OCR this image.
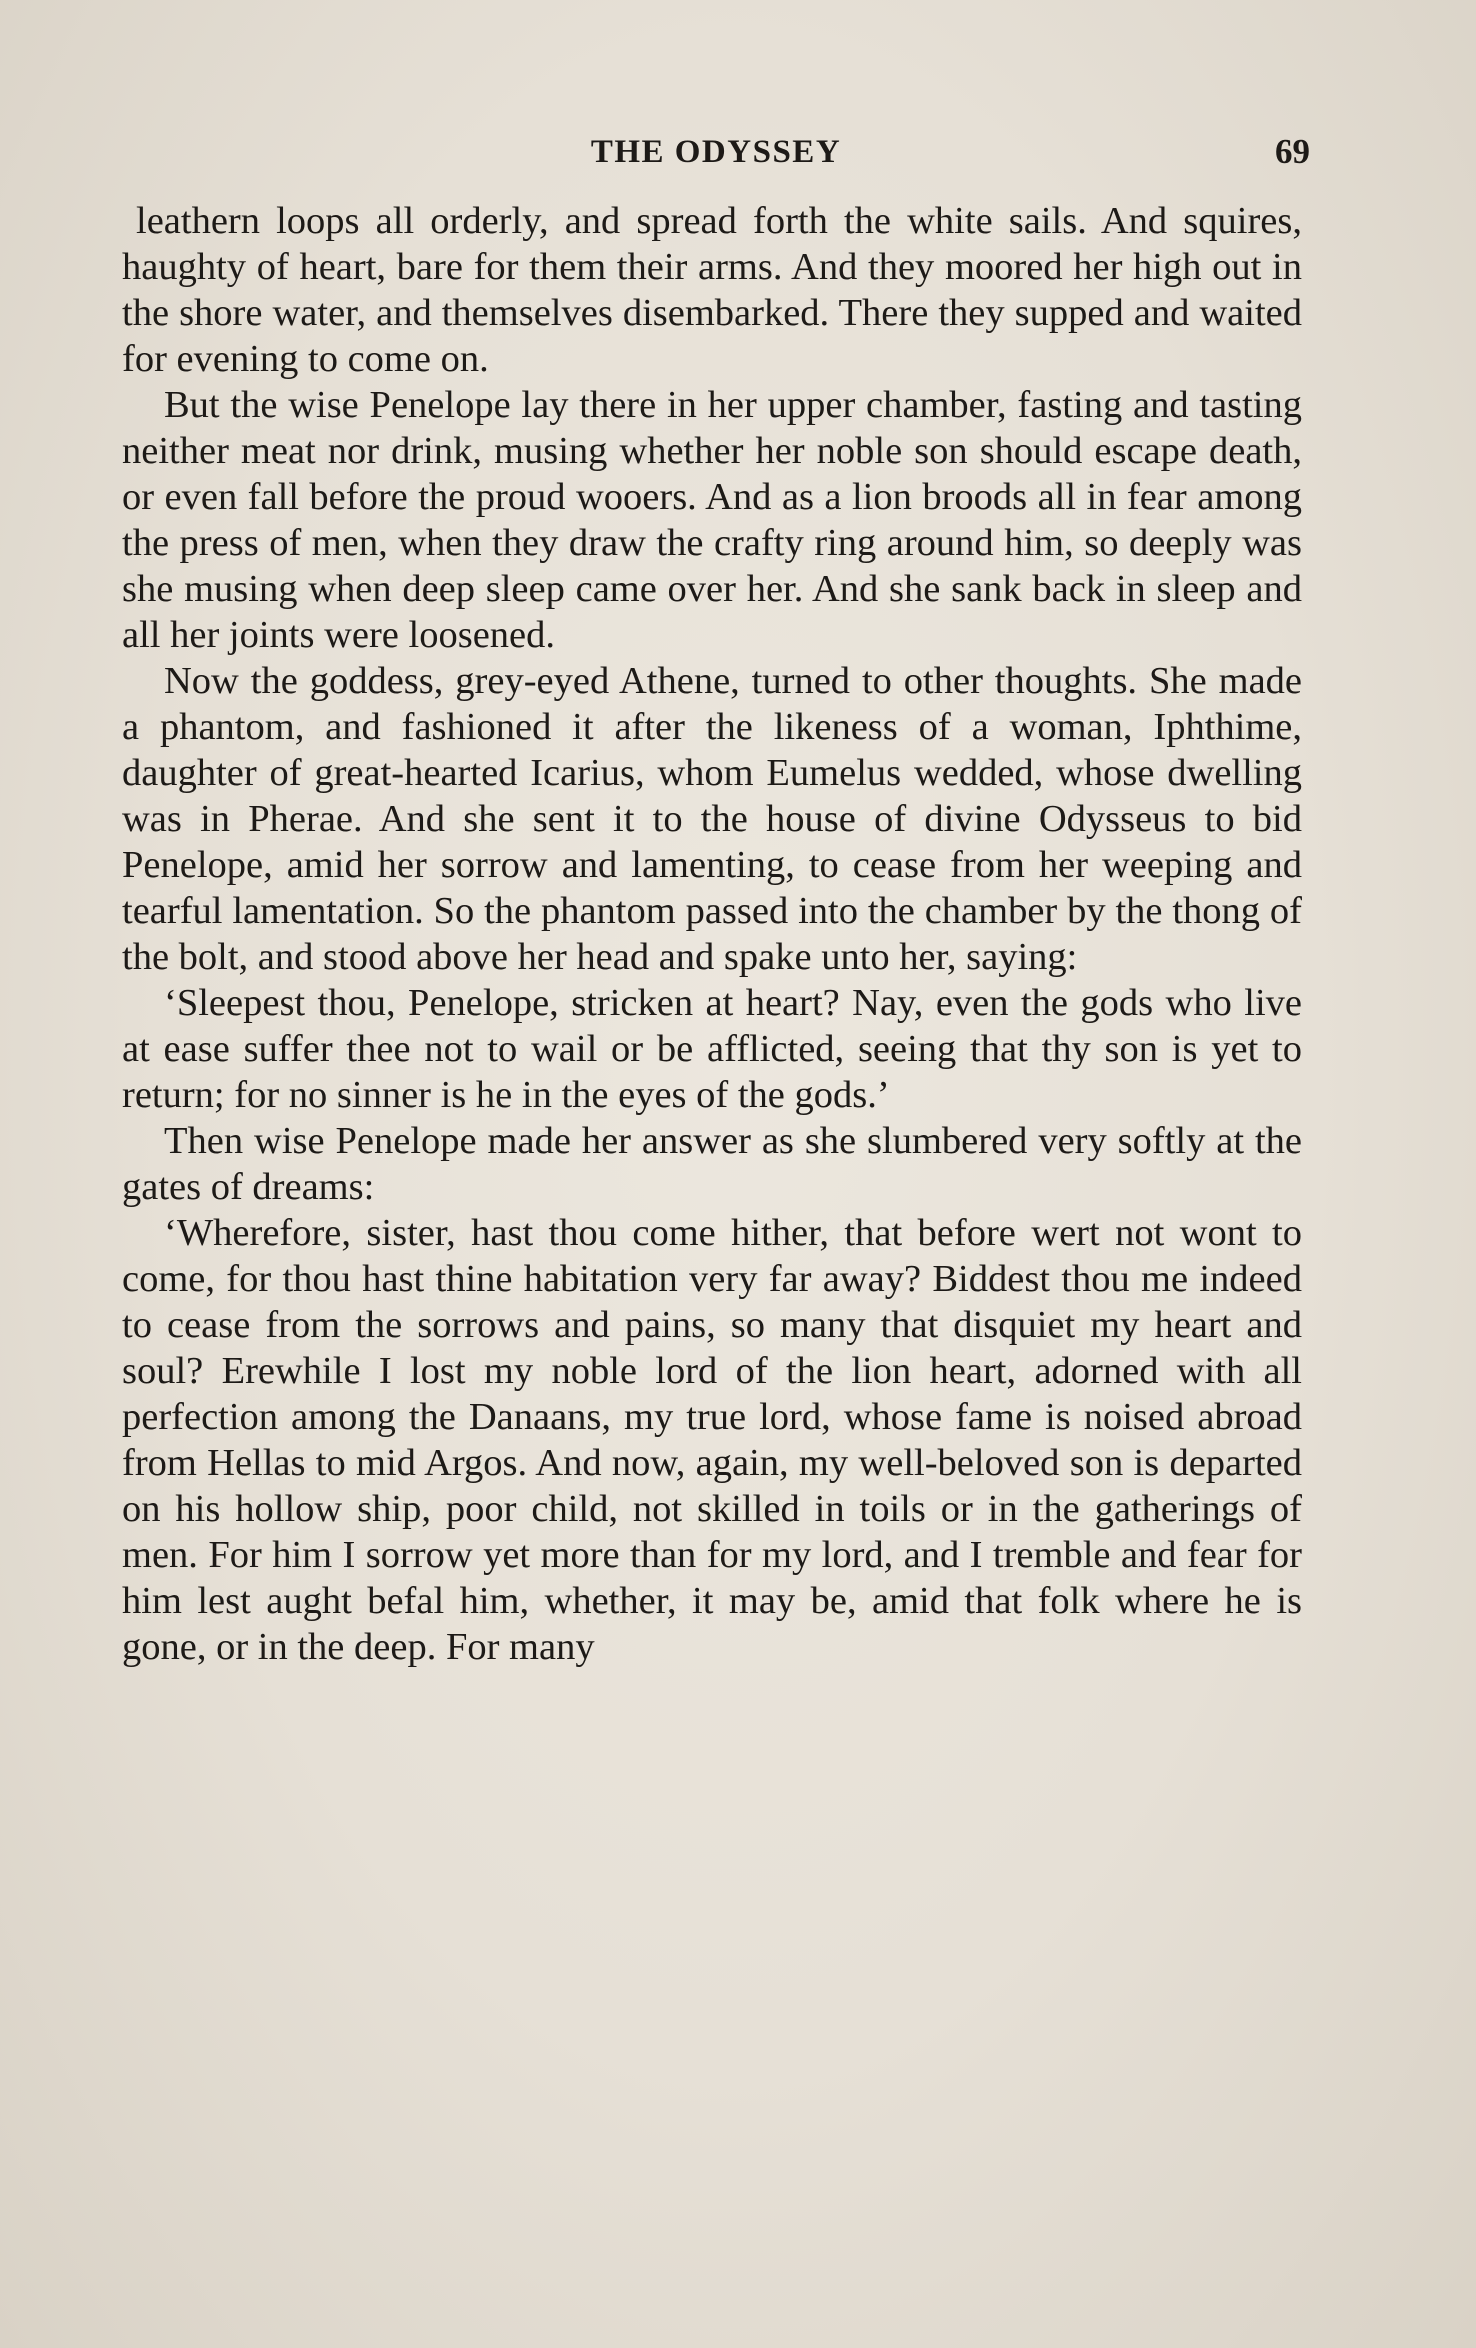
THE ODYSSEY	69

leathern loops all orderly, and spread forth the white sails. And squires, haughty of heart, bare for them their arms. And they moored her high out in the shore water, and themselves disembarked. There they supped and waited for evening to come on.

But the wise Penelope lay there in her upper chamber, fasting and tasting neither meat nor drink, musing whether her noble son should escape death, or even fall before the proud wooers. And as a lion broods all in fear among the press of men, when they draw the crafty ring around him, so deeply was she musing when deep sleep came over her. And she sank back in sleep and all her joints were loosened.

Now the goddess, grey-eyed Athene, turned to other thoughts. She made a phantom, and fashioned it after the likeness of a woman, Iphthime, daughter of great-hearted Icarius, whom Eumelus wedded, whose dwelling was in Pherae. And she sent it to the house of divine Odysseus to bid Penelope, amid her sorrow and lamenting, to cease from her weeping and tearful lamentation. So the phantom passed into the chamber by the thong of the bolt, and stood above her head and spake unto her, saying:

‘Sleepest thou, Penelope, stricken at heart? Nay, even the gods who live at ease suffer thee not to wail or be afflicted, seeing that thy son is yet to return; for no sinner is he in the eyes of the gods.’

Then wise Penelope made her answer as she slumbered very softly at the gates of dreams:

‘Wherefore, sister, hast thou come hither, that before wert not wont to come, for thou hast thine habitation very far away? Biddest thou me indeed to cease from the sorrows and pains, so many that disquiet my heart and soul? Erewhile I lost my noble lord of the lion heart, adorned with all perfection among the Danaans, my true lord, whose fame is noised abroad from Hellas to mid Argos. And now, again, my well-beloved son is departed on his hollow ship, poor child, not skilled in toils or in the gatherings of men. For him I sorrow yet more than for my lord, and I tremble and fear for him lest aught befal him, whether, it may be, amid that folk where he is gone, or in the deep. For many
